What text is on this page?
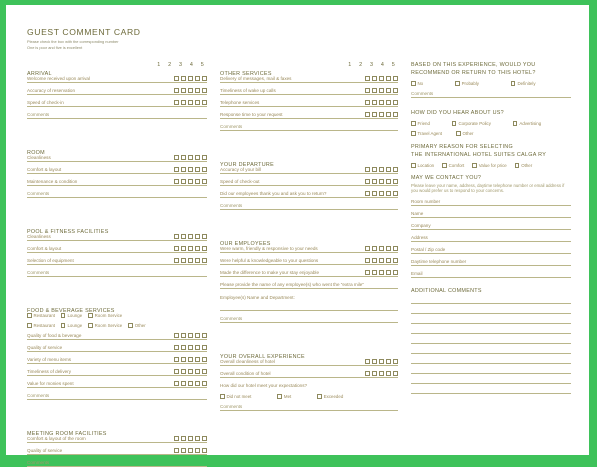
GUEST COMMENT CARD
Please check the box with the corresponding number
One is poor and five is excellent
ARRIVAL
1 2 3 4 5
Welcome received upon arrival
Accuracy of reservation
Speed of check-in
Comments
ROOM
Cleanliness
Comfort & layout
Maintenance & condition
Comments
POOL & FITNESS FACILITIES
Cleanliness
Comfort & layout
Selection of equipment
Comments
FOOD & BEVERAGE SERVICES
Restaurant	Lounge	Room Service
Restaurant	Lounge	Room Service	Other
Quality of food & beverage
Quality of service
Variety of menu items
Timeliness of delivery
Value for monies spent
Comments
MEETING ROOM FACILITIES
Comfort & layout of the room
Quality of service
Comments
OTHER SERVICES
1 2 3 4 5
Delivery of messages, mail & faxes
Timeliness of wake up calls
Telephone services
Response time to your request
Comments
YOUR DEPARTURE
Accuracy of your bill
Speed of check-out
Did our employees thank you and ask you to return?
Comments
OUR EMPLOYEES
Were warm, friendly & responsive to your needs
Were helpful & knowledgeable to your questions
Made the difference to make your stay enjoyable
Please provide the name of any employee(s) who went the "extra mile"
Employee(s) Name and Department:
Comments
YOUR OVERALL EXPERIENCE
Overall cleanliness of hotel
Overall condition of hotel
How did our hotel meet your expectations?
Did not meet	Met	Exceeded
Comments
BASED ON THIS EXPERIENCE, WOULD YOU
RECOMMEND OR RETURN TO THIS HOTEL?
No	Probably	Definitely
Comments
HOW DID YOU HEAR ABOUT US?
Friend	Corporate Policy	Advertising
Travel Agent	Other
PRIMARY REASON FOR SELECTING
THE INTERNATIONAL HOTEL SUITES CALGA RY
Location	Comfort	Value for price	Other
MAY WE CONTACT YOU?
Please leave your name, address, daytime telephone number or email address if you would prefer us to respond to your concerns.
Room number
Name
Company
Address
Postal / Zip code
Daytime telephone number
Email
ADDITIONAL COMMENTS
